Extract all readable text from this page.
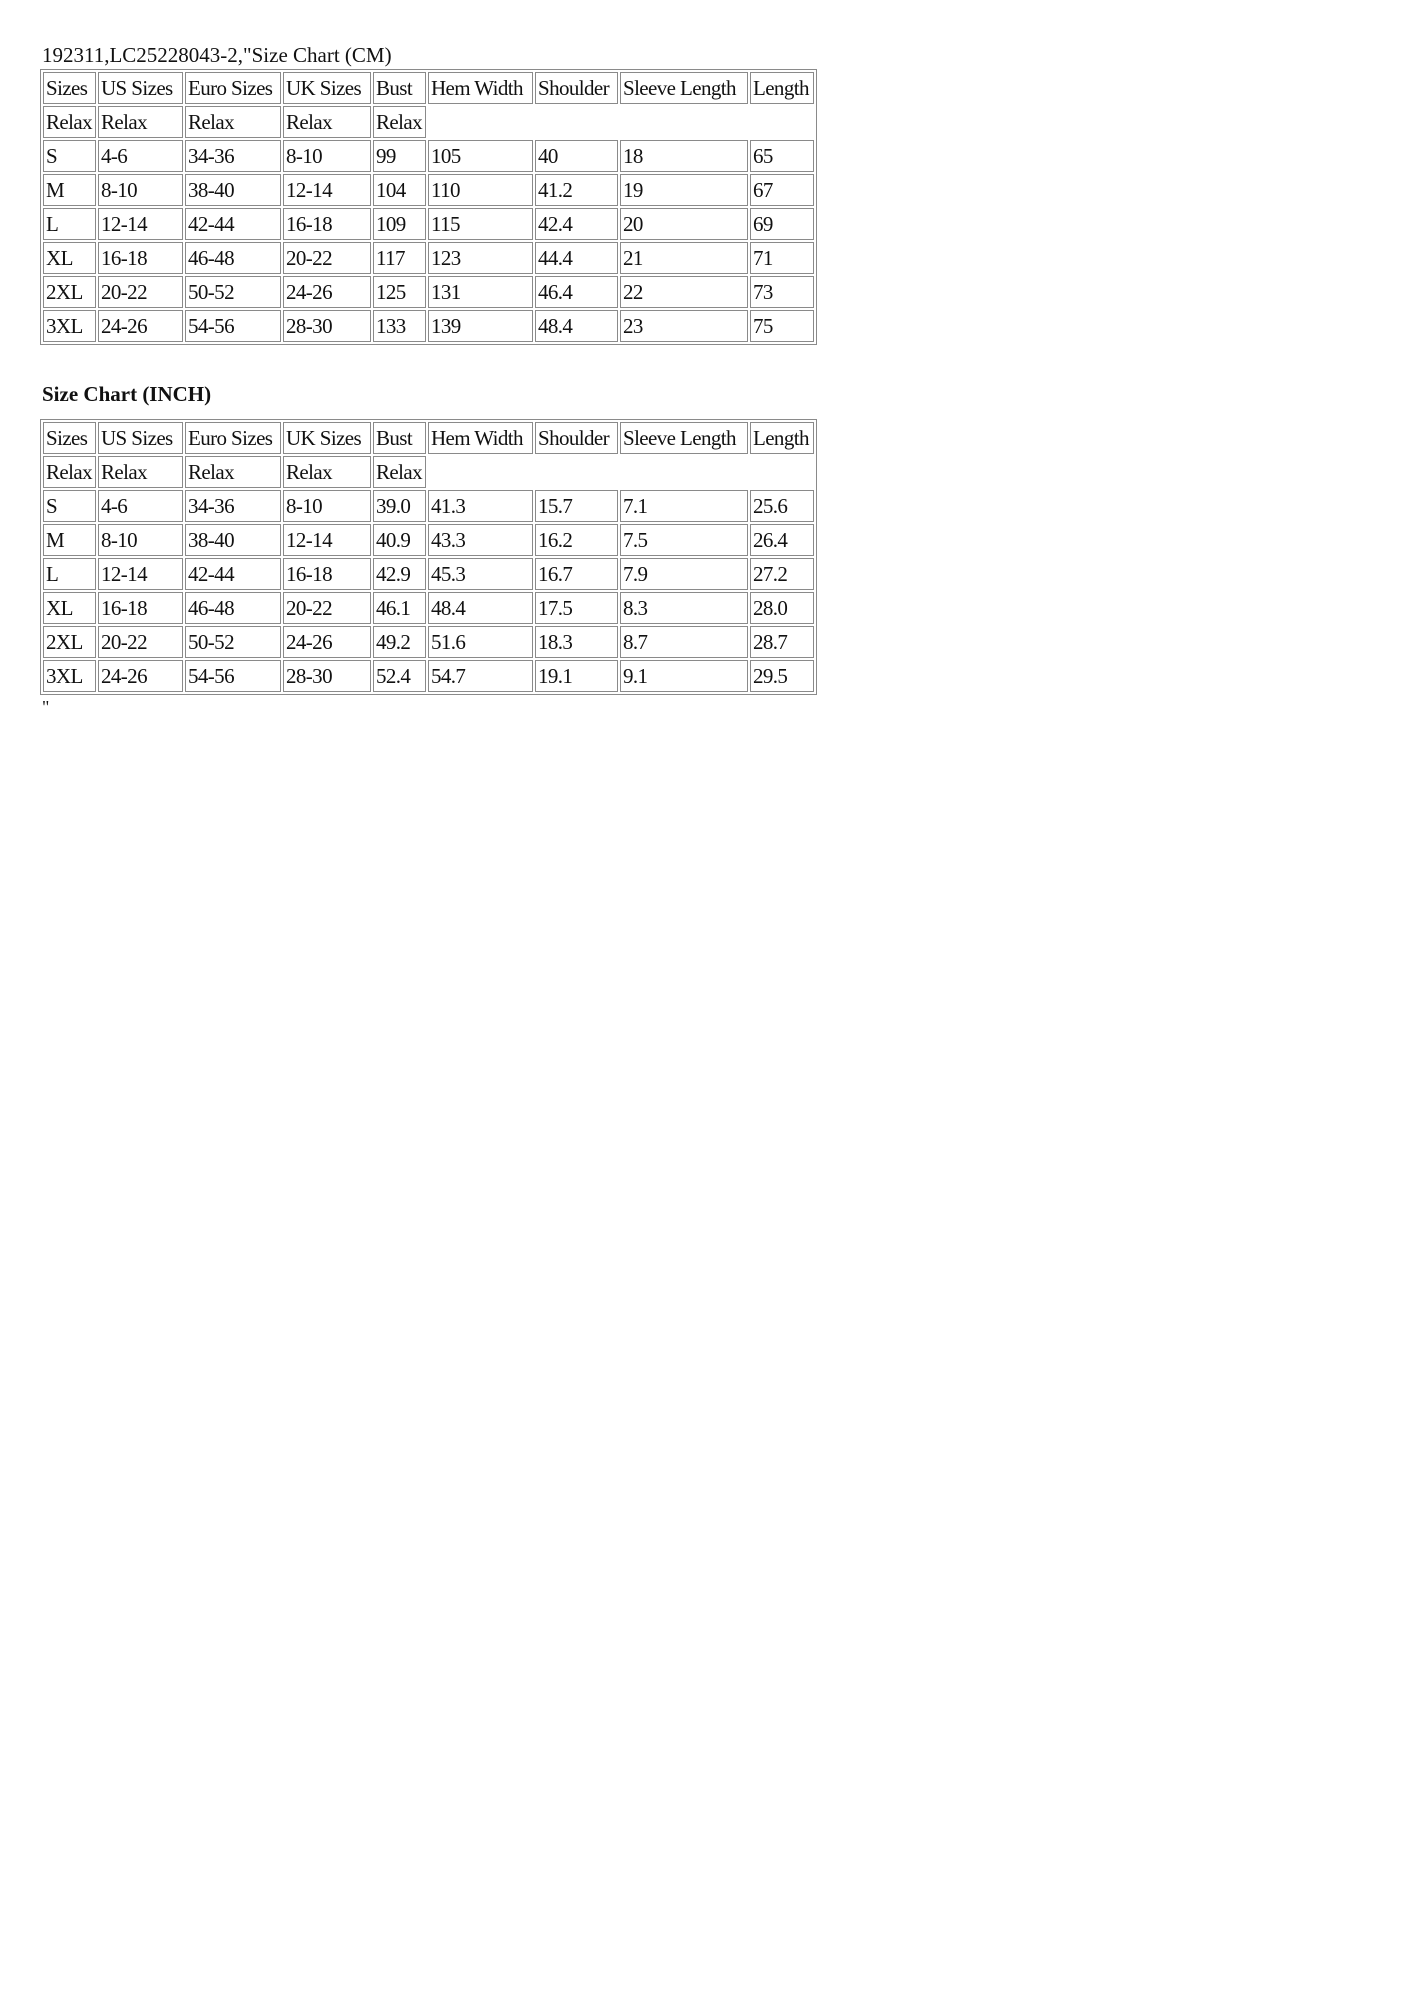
192311,LC25228043-2,"Size Chart (CM)
Sizes	US Sizes	Euro Sizes	UK Sizes	Bust	Hem Width	Shoulder	Sleeve Length	Length
Relax	Relax	Relax	Relax	Relax				
S	4-6	34-36	8-10	99	105	40	18	65
M	8-10	38-40	12-14	104	110	41.2	19	67
L	12-14	42-44	16-18	109	115	42.4	20	69
XL	16-18	46-48	20-22	117	123	44.4	21	71
2XL	20-22	50-52	24-26	125	131	46.4	22	73
3XL	24-26	54-56	28-30	133	139	48.4	23	75
Size Chart (INCH)
Sizes	US Sizes	Euro Sizes	UK Sizes	Bust	Hem Width	Shoulder	Sleeve Length	Length
Relax	Relax	Relax	Relax	Relax				
S	4-6	34-36	8-10	39.0	41.3	15.7	7.1	25.6
M	8-10	38-40	12-14	40.9	43.3	16.2	7.5	26.4
L	12-14	42-44	16-18	42.9	45.3	16.7	7.9	27.2
XL	16-18	46-48	20-22	46.1	48.4	17.5	8.3	28.0
2XL	20-22	50-52	24-26	49.2	51.6	18.3	8.7	28.7
3XL	24-26	54-56	28-30	52.4	54.7	19.1	9.1	29.5
"
